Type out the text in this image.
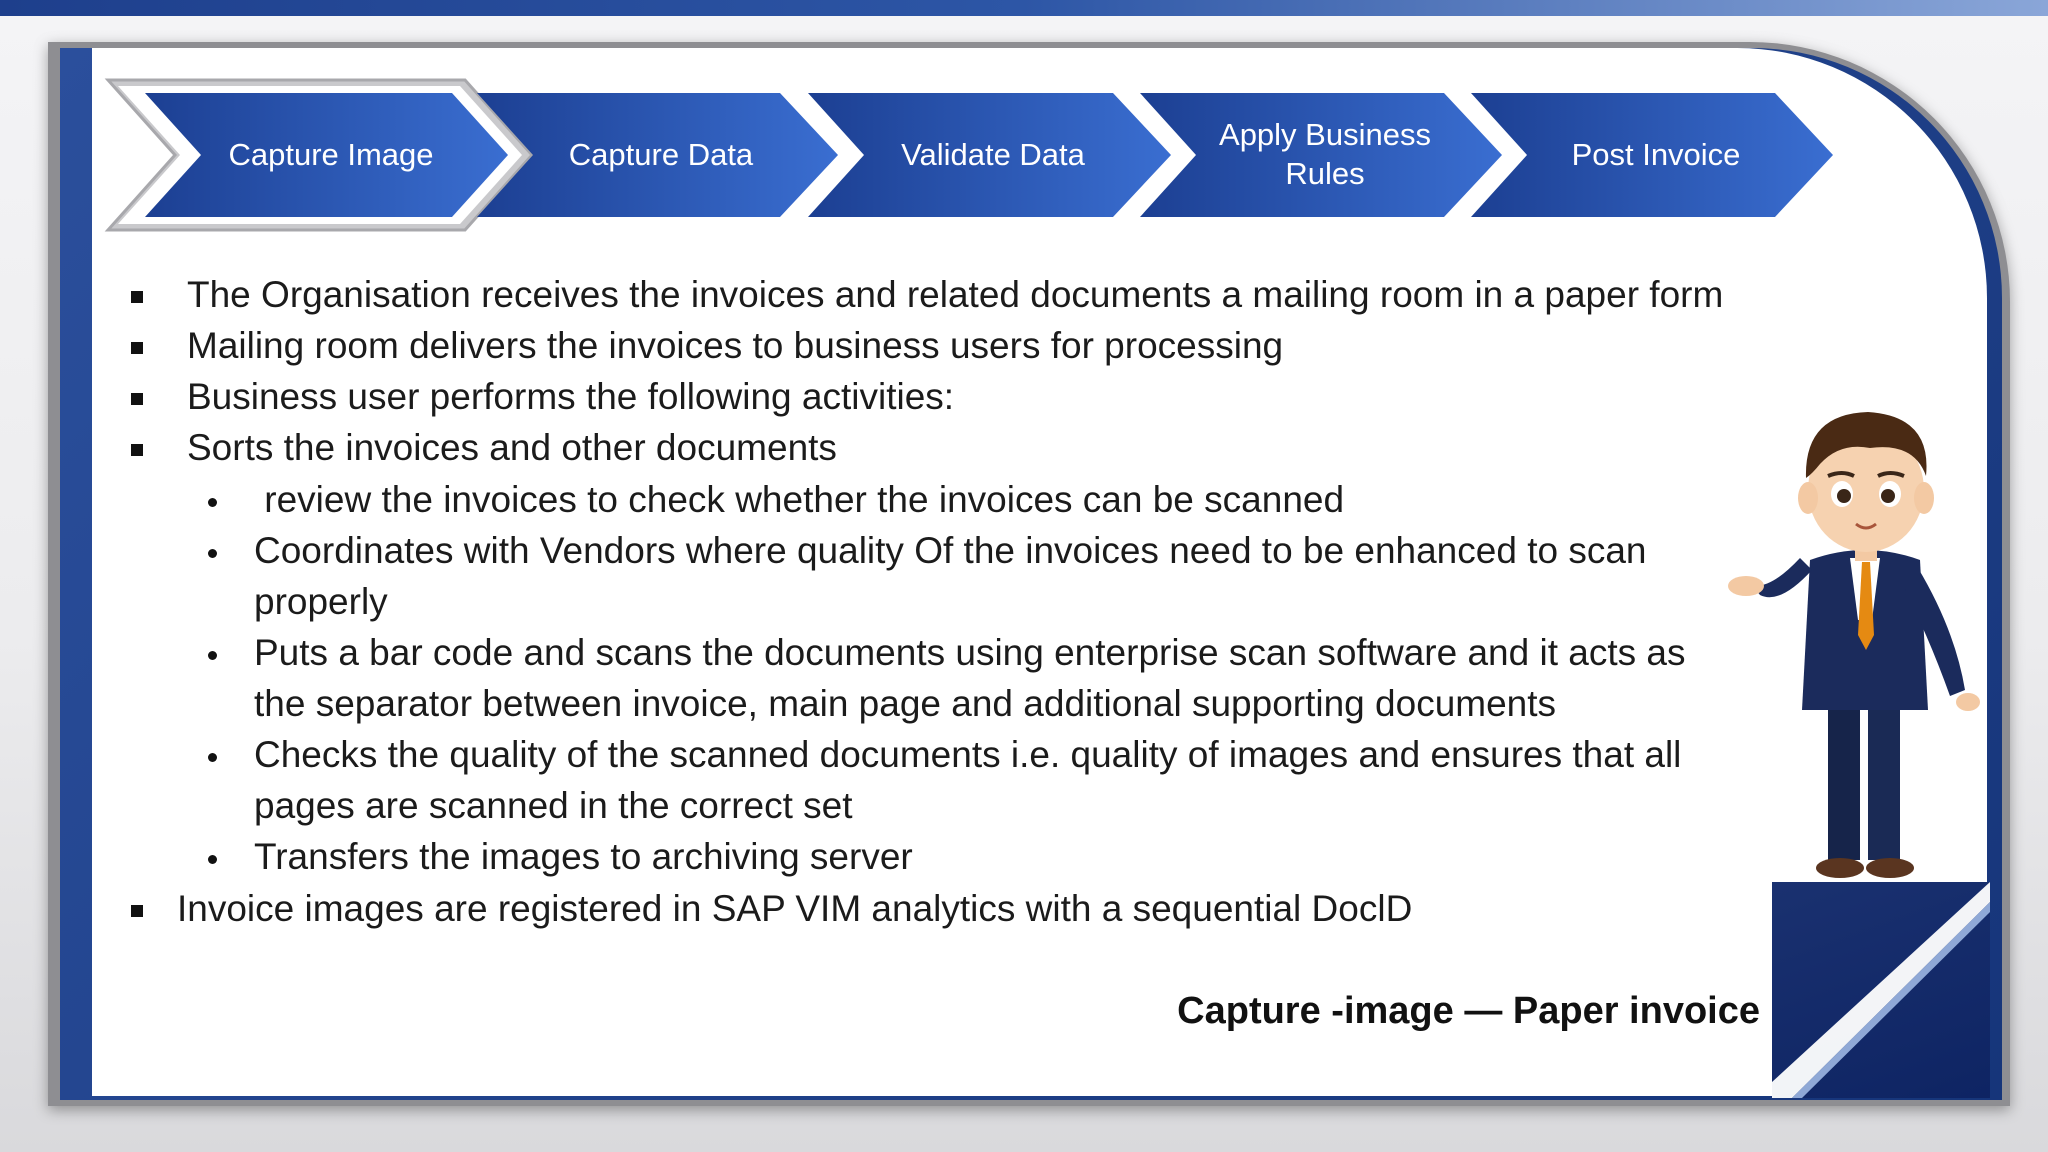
Capture Image	Capture Data	Validate Data
Apply Business Rules
Post Invoice
The Organisation receives the invoices and related documents a mailing room in a paper form
Mailing room delivers the invoices to business users for processing
Business user performs the following activities:
Sorts the invoices and other documents
review the invoices to check whether the invoices can be scanned
Coordinates with Vendors where quality Of the invoices need to be enhanced to scan
properly
Puts a bar code and scans the documents using enterprise scan software and it acts as
the separator between invoice, main page and additional supporting documents
Checks the quality of the scanned documents i.e. quality of images and ensures that all
pages are scanned in the correct set
Transfers the images to archiving server
Invoice images are registered in SAP VIM analytics with a sequential DoclD
Capture -image — Paper invoice
